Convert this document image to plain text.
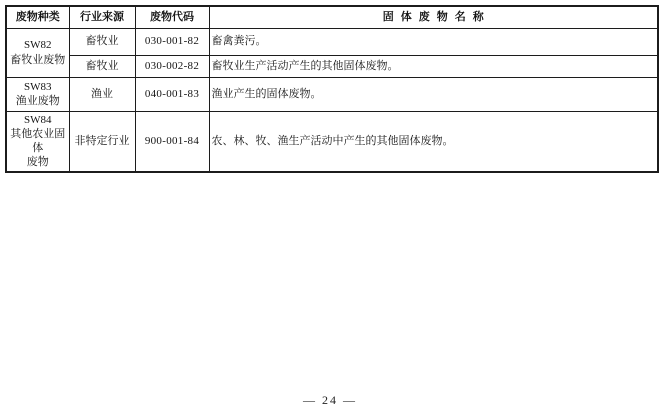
废物种类	行业来源	废物代码	固体废物名称

SW82
畜牧业废物	畜牧业	030-001-82	畜禽粪污。
	畜牧业	030-002-82	畜牧业生产活动产生的其他固体废物。

SW83
渔业废物	渔业	040-001-83	渔业产生的固体废物。

SW84
其他农业固体
废物	非特定行业	900-001-84	农、林、牧、渔生产活动中产生的其他固体废物。
— 24 —
